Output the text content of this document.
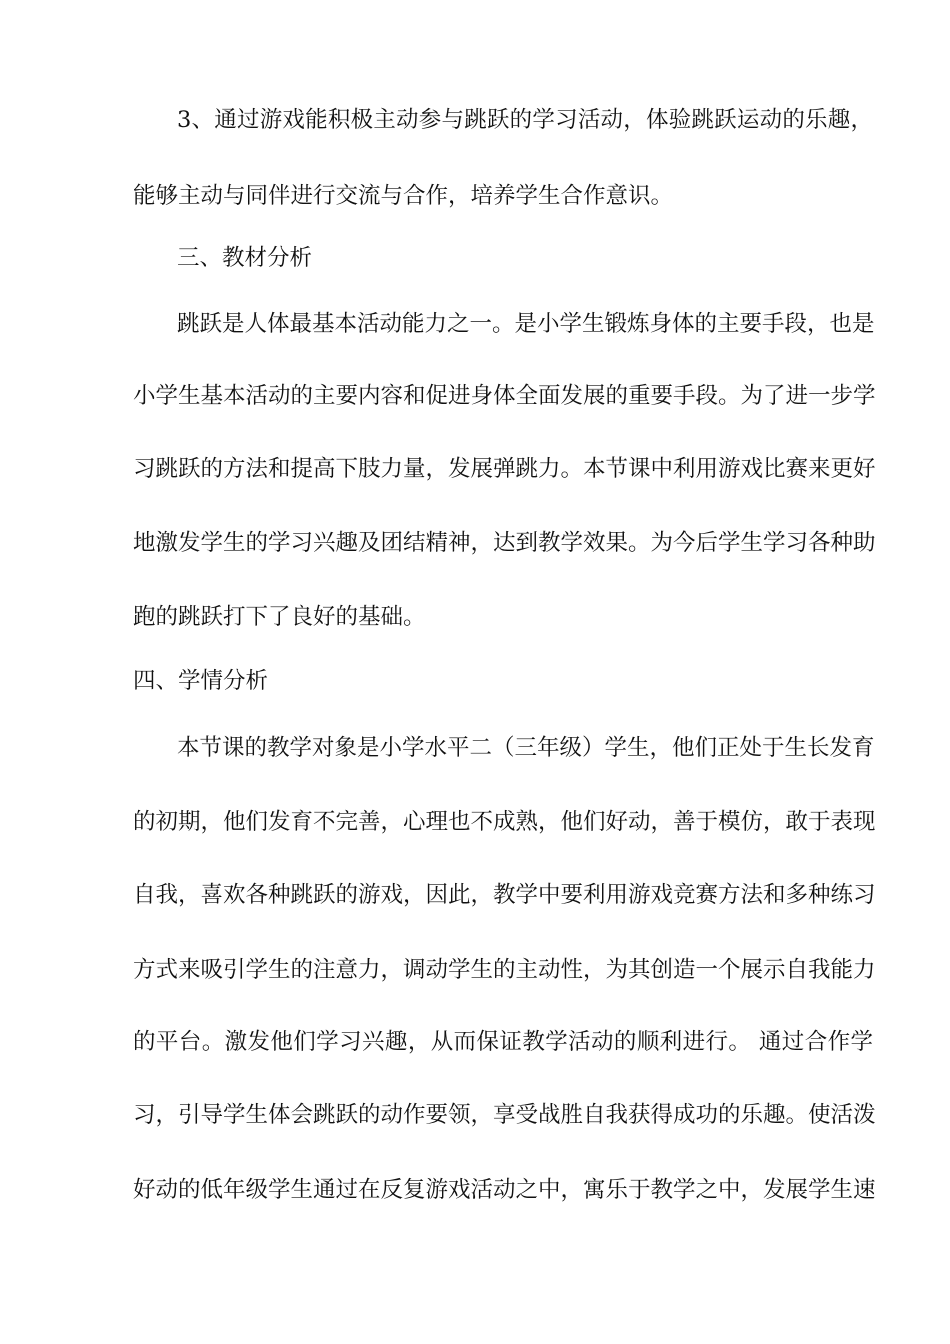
3、通过游戏能积极主动参与跳跃的学习活动，体验跳跃运动的乐趣，
能够主动与同伴进行交流与合作，培养学生合作意识。
三、教材分析
跳跃是人体最基本活动能力之一。是小学生锻炼身体的主要手段，也是
小学生基本活动的主要内容和促进身体全面发展的重要手段。为了进一步学
习跳跃的方法和提高下肢力量，发展弹跳力。本节课中利用游戏比赛来更好
地激发学生的学习兴趣及团结精神，达到教学效果。为今后学生学习各种助
跑的跳跃打下了良好的基础。
四、学情分析
本节课的教学对象是小学水平二（三年级）学生，他们正处于生长发育
的初期，他们发育不完善，心理也不成熟，他们好动，善于模仿，敢于表现
自我，喜欢各种跳跃的游戏，因此，教学中要利用游戏竞赛方法和多种练习
方式来吸引学生的注意力，调动学生的主动性，为其创造一个展示自我能力
的平台。激发他们学习兴趣，从而保证教学活动的顺利进行。 通过合作学
习，引导学生体会跳跃的动作要领，享受战胜自我获得成功的乐趣。使活泼
好动的低年级学生通过在反复游戏活动之中，寓乐于教学之中，发展学生速
